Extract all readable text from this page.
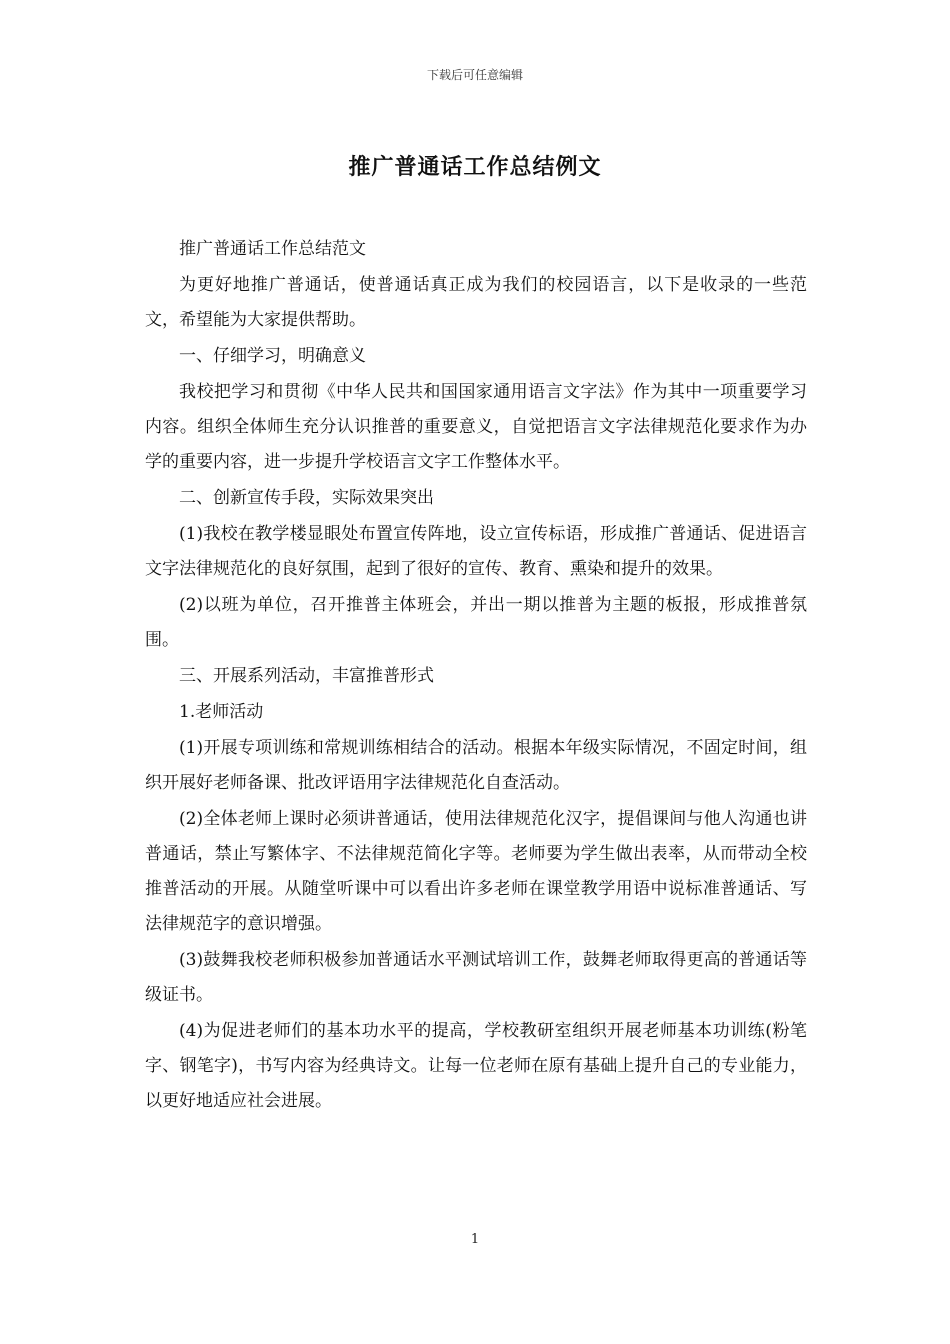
下载后可任意编辑
推广普通话工作总结例文

推广普通话工作总结范文

为更好地推广普通话，使普通话真正成为我们的校园语言，以下是收录的一些范文，希望能为大家提供帮助。

一、仔细学习，明确意义

我校把学习和贯彻《中华人民共和国国家通用语言文字法》作为其中一项重要学习内容。组织全体师生充分认识推普的重要意义，自觉把语言文字法律规范化要求作为办学的重要内容，进一步提升学校语言文字工作整体水平。

二、创新宣传手段，实际效果突出

(1)我校在教学楼显眼处布置宣传阵地，设立宣传标语，形成推广普通话、促进语言文字法律规范化的良好氛围，起到了很好的宣传、教育、熏染和提升的效果。

(2)以班为单位，召开推普主体班会，并出一期以推普为主题的板报，形成推普氛围。

三、开展系列活动，丰富推普形式

1.老师活动

(1)开展专项训练和常规训练相结合的活动。根据本年级实际情况，不固定时间，组织开展好老师备课、批改评语用字法律规范化自查活动。

(2)全体老师上课时必须讲普通话，使用法律规范化汉字，提倡课间与他人沟通也讲普通话，禁止写繁体字、不法律规范简化字等。老师要为学生做出表率，从而带动全校推普活动的开展。从随堂听课中可以看出许多老师在课堂教学用语中说标准普通话、写法律规范字的意识增强。

(3)鼓舞我校老师积极参加普通话水平测试培训工作，鼓舞老师取得更高的普通话等级证书。

(4)为促进老师们的基本功水平的提高，学校教研室组织开展老师基本功训练(粉笔字、钢笔字)，书写内容为经典诗文。让每一位老师在原有基础上提升自己的专业能力，以更好地适应社会进展。

1
